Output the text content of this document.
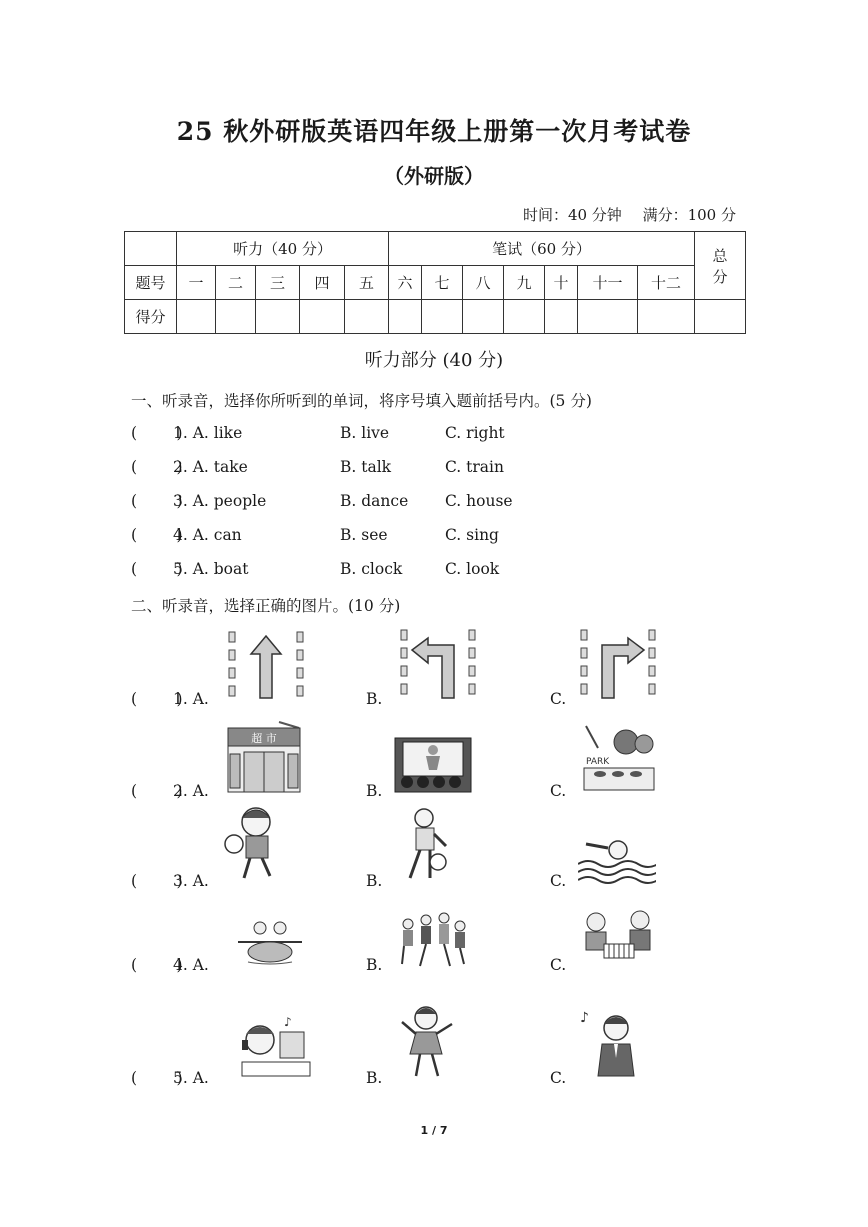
25 秋外研版英语四年级上册第一次月考试卷
（外研版）
时间：40 分钟 满分：100 分
	听力（40 分）					笔试（60 分）							总分
题号	一	二	三	四	五	六	七	八	九	十	十一	十二	
得分													
听力部分 (40 分)
一、听录音，选择你所听到的单词，将序号填入题前括号内。(5 分)
(        )
1. A. like	B. live	C. right
(        )
2. A. take	B. talk	C. train
(        )
3. A. people	B. dance C. house
(        )
4. A. can	B. see	C. sing
(        )
5. A. boat	B. clock	C. look
二、听录音，选择正确的图片。(10 分)
(        )
1. A.	B.	C.
(        )
2. A.	B.	C.
(        )
3. A.	B.	C.
(        )
4. A.	B.	C.
(        )
5. A.	B.	C.
超 市
PARK
♪	♪
1 / 7
